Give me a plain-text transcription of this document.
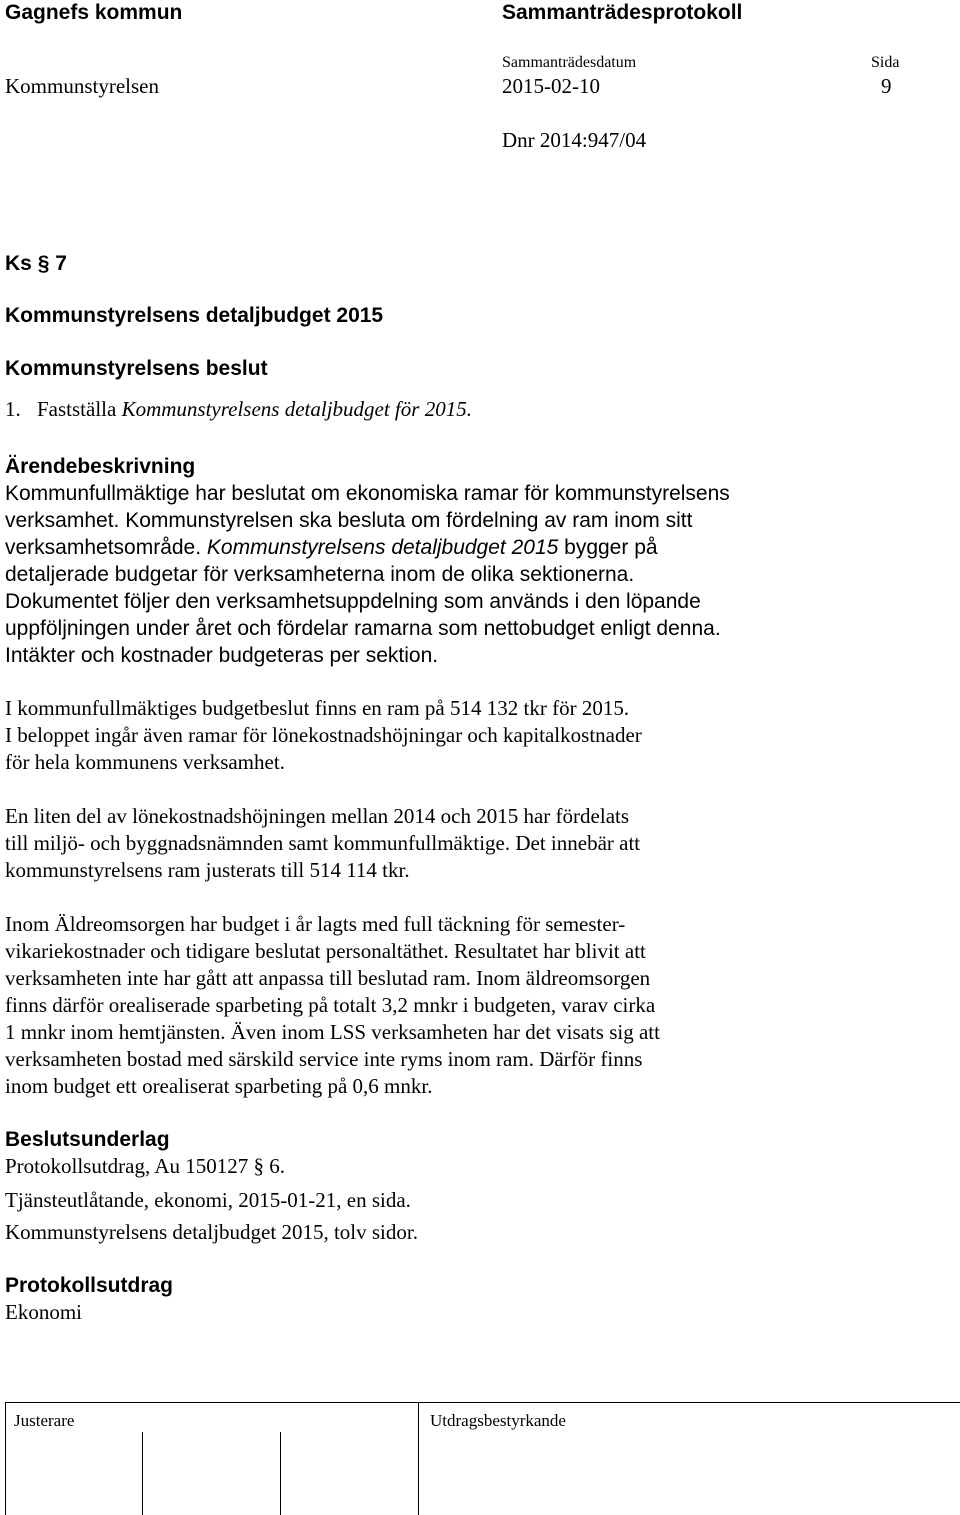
Gagnefs kommun	Sammanträdesprotokoll
Sammanträdesdatum	Sida
Kommunstyrelsen	2015-02-10	9
Dnr 2014:947/04
Ks § 7
Kommunstyrelsens detaljbudget 2015
Kommunstyrelsens beslut
1. Fastställa Kommunstyrelsens detaljbudget för 2015.
Ärendebeskrivning
Kommunfullmäktige har beslutat om ekonomiska ramar för kommunstyrelsens
verksamhet. Kommunstyrelsen ska besluta om fördelning av ram inom sitt
verksamhetsområde. Kommunstyrelsens detaljbudget 2015 bygger på
detaljerade budgetar för verksamheterna inom de olika sektionerna.
Dokumentet följer den verksamhetsuppdelning som används i den löpande
uppföljningen under året och fördelar ramarna som nettobudget enligt denna.
Intäkter och kostnader budgeteras per sektion.
I kommunfullmäktiges budgetbeslut finns en ram på 514 132 tkr för 2015.
I beloppet ingår även ramar för lönekostnadshöjningar och kapitalkostnader
för hela kommunens verksamhet.
En liten del av lönekostnadshöjningen mellan 2014 och 2015 har fördelats
till miljö- och byggnadsnämnden samt kommunfullmäktige. Det innebär att
kommunstyrelsens ram justerats till 514 114 tkr.
Inom Äldreomsorgen har budget i år lagts med full täckning för semester-
vikariekostnader och tidigare beslutat personaltäthet. Resultatet har blivit att
verksamheten inte har gått att anpassa till beslutad ram. Inom äldreomsorgen
finns därför orealiserade sparbeting på totalt 3,2 mnkr i budgeten, varav cirka
1 mnkr inom hemtjänsten. Även inom LSS verksamheten har det visats sig att
verksamheten bostad med särskild service inte ryms inom ram. Därför finns
inom budget ett orealiserat sparbeting på 0,6 mnkr.
Beslutsunderlag
Protokollsutdrag, Au 150127 § 6.
Tjänsteutlåtande, ekonomi, 2015-01-21, en sida.
Kommunstyrelsens detaljbudget 2015, tolv sidor.
Protokollsutdrag
Ekonomi
Justerare	Utdragsbestyrkande
